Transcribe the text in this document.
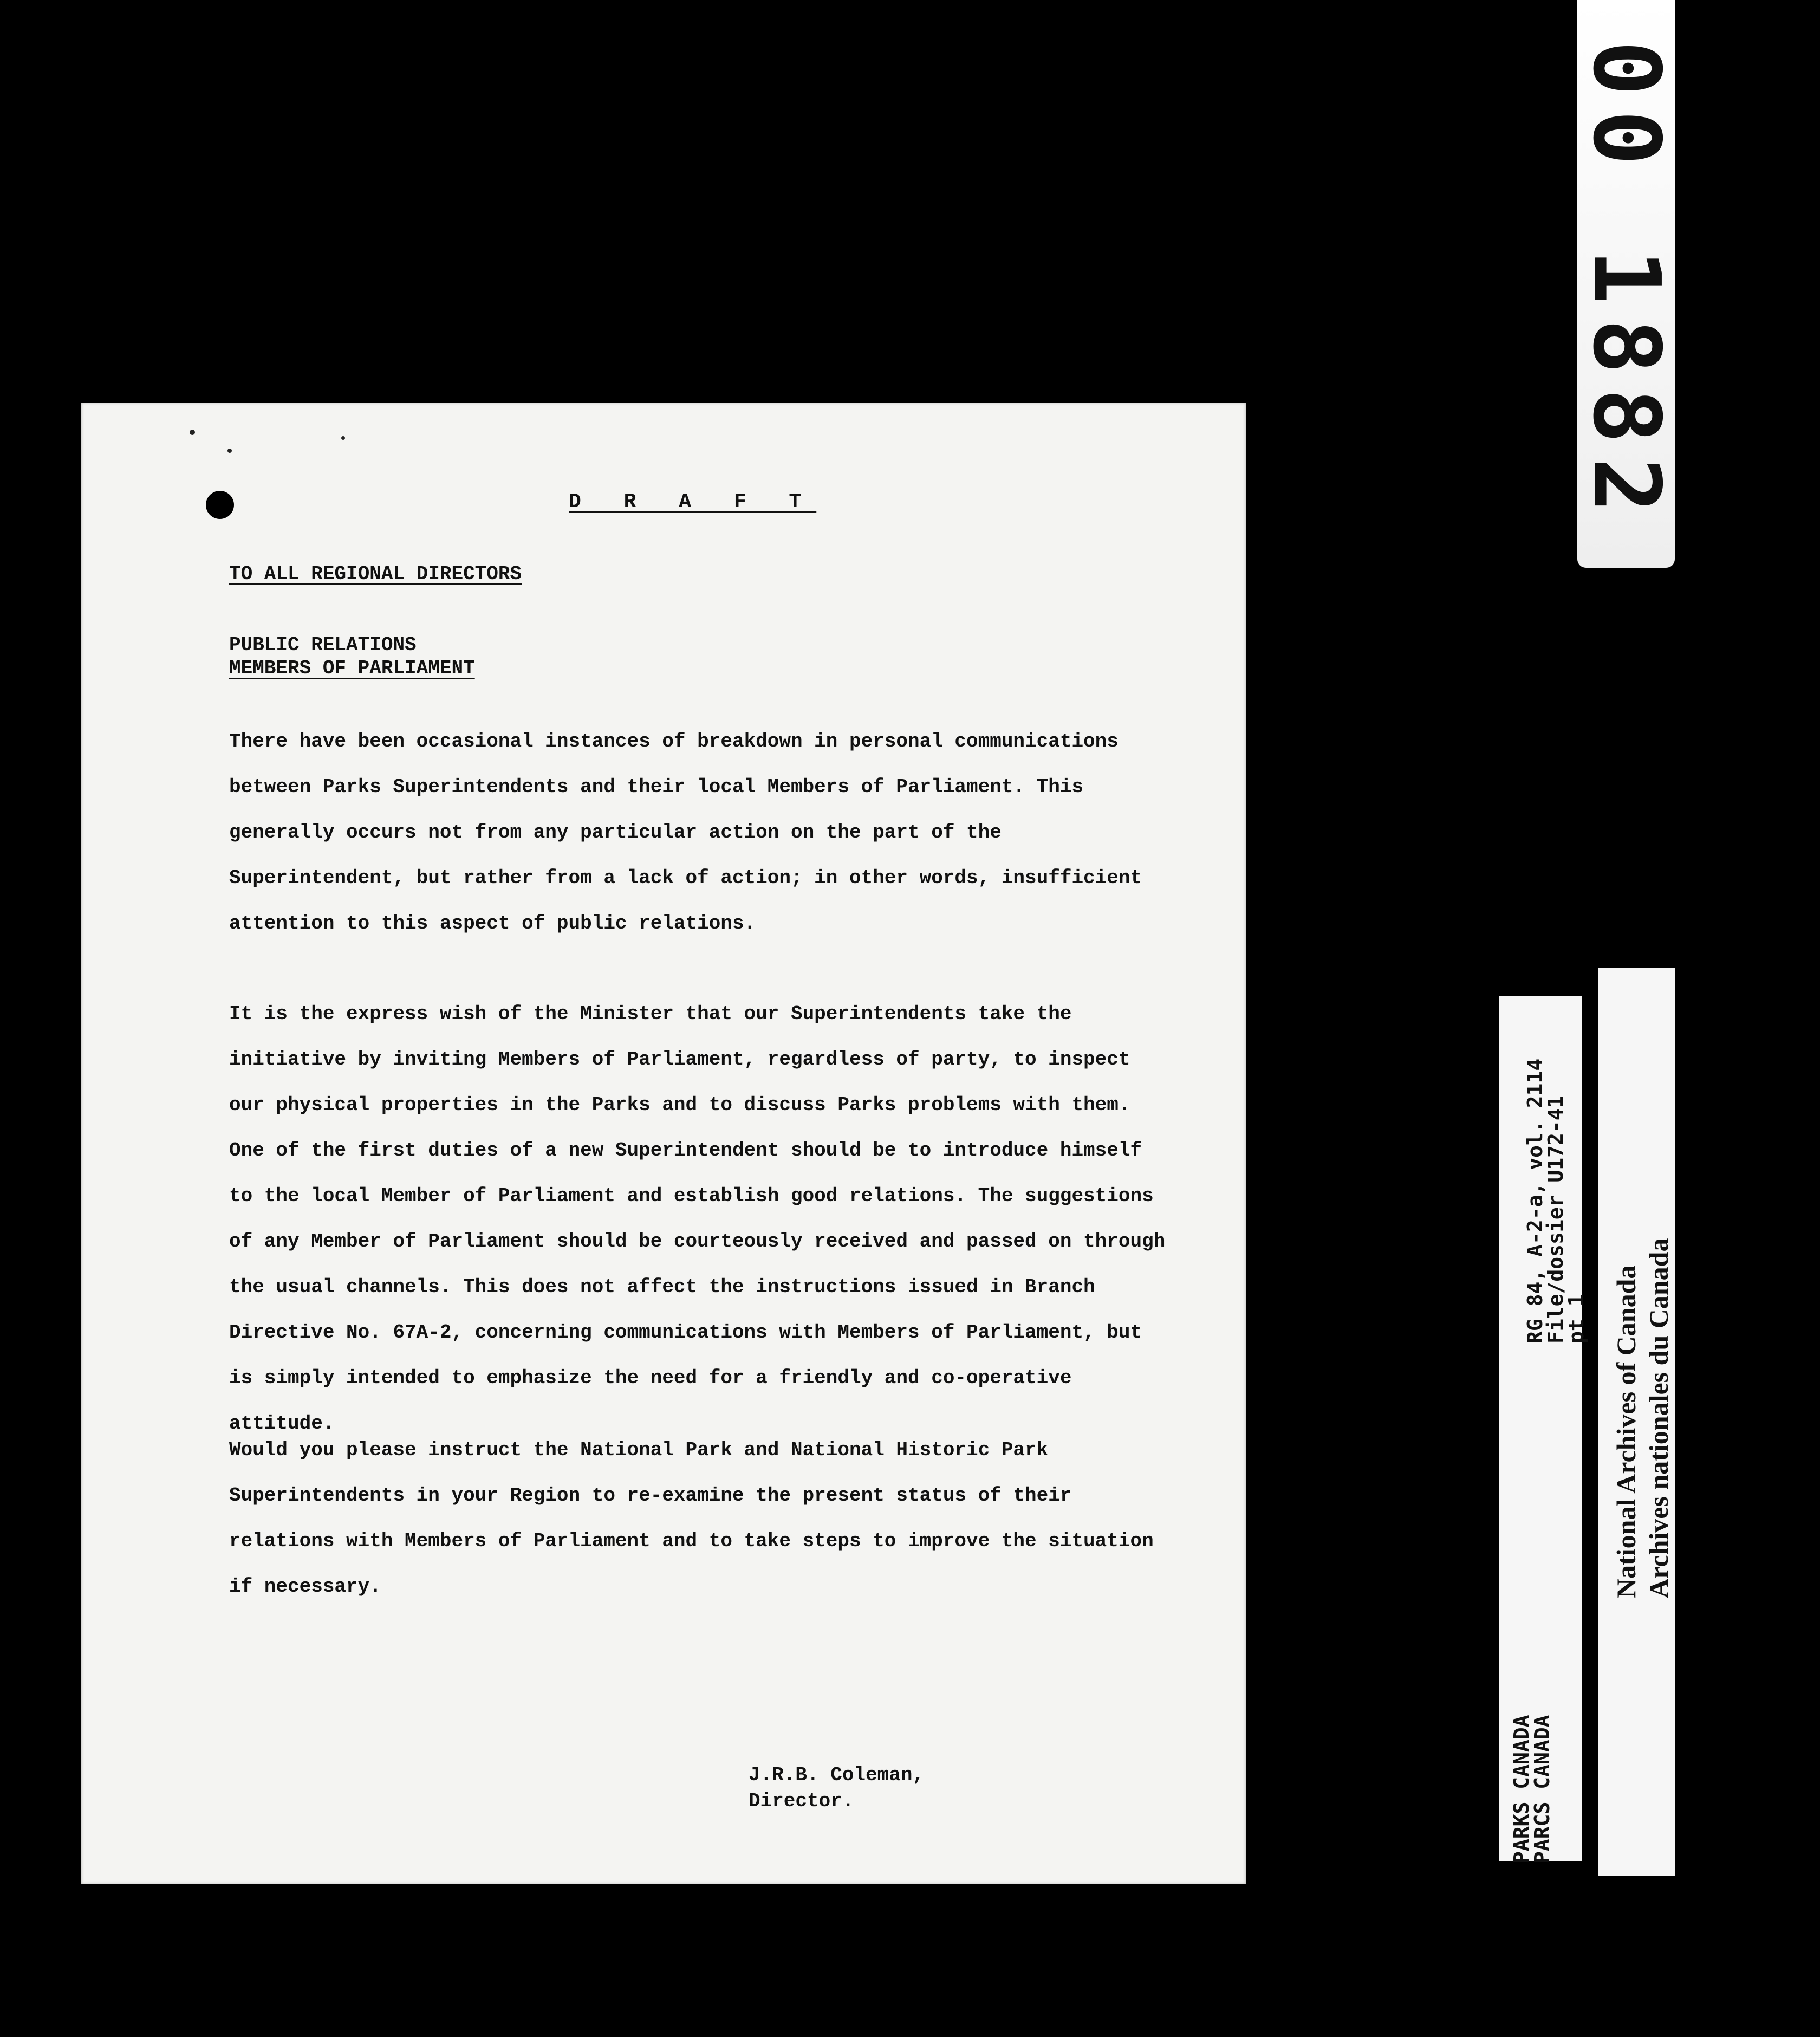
D R A F T
TO ALL REGIONAL DIRECTORS
PUBLIC RELATIONS
MEMBERS OF PARLIAMENT
There have been occasional instances of breakdown in personal communications
between Parks Superintendents and their local Members of Parliament. This
generally occurs not from any particular action on the part of the
Superintendent, but rather from a lack of action; in other words, insufficient
attention to this aspect of public relations.
It is the express wish of the Minister that our Superintendents take the
initiative by inviting Members of Parliament, regardless of party, to inspect
our physical properties in the Parks and to discuss Parks problems with them.
One of the first duties of a new Superintendent should be to introduce himself
to the local Member of Parliament and establish good relations. The suggestions
of any Member of Parliament should be courteously received and passed on through
the usual channels. This does not affect the instructions issued in Branch
Directive No. 67A-2, concerning communications with Members of Parliament, but
is simply intended to emphasize the need for a friendly and co-operative
attitude.
Would you please instruct the National Park and National Historic Park
Superintendents in your Region to re-examine the present status of their
relations with Members of Parliament and to take steps to improve the situation
if necessary.
J.R.B. Coleman,
Director.
00 1882
RG 84, A-2-a, vol. 2114
File/dossier U172-41
pt 1
PARKS CANADA
PARCS CANADA
National Archives of Canada Archives nationales du Canada
